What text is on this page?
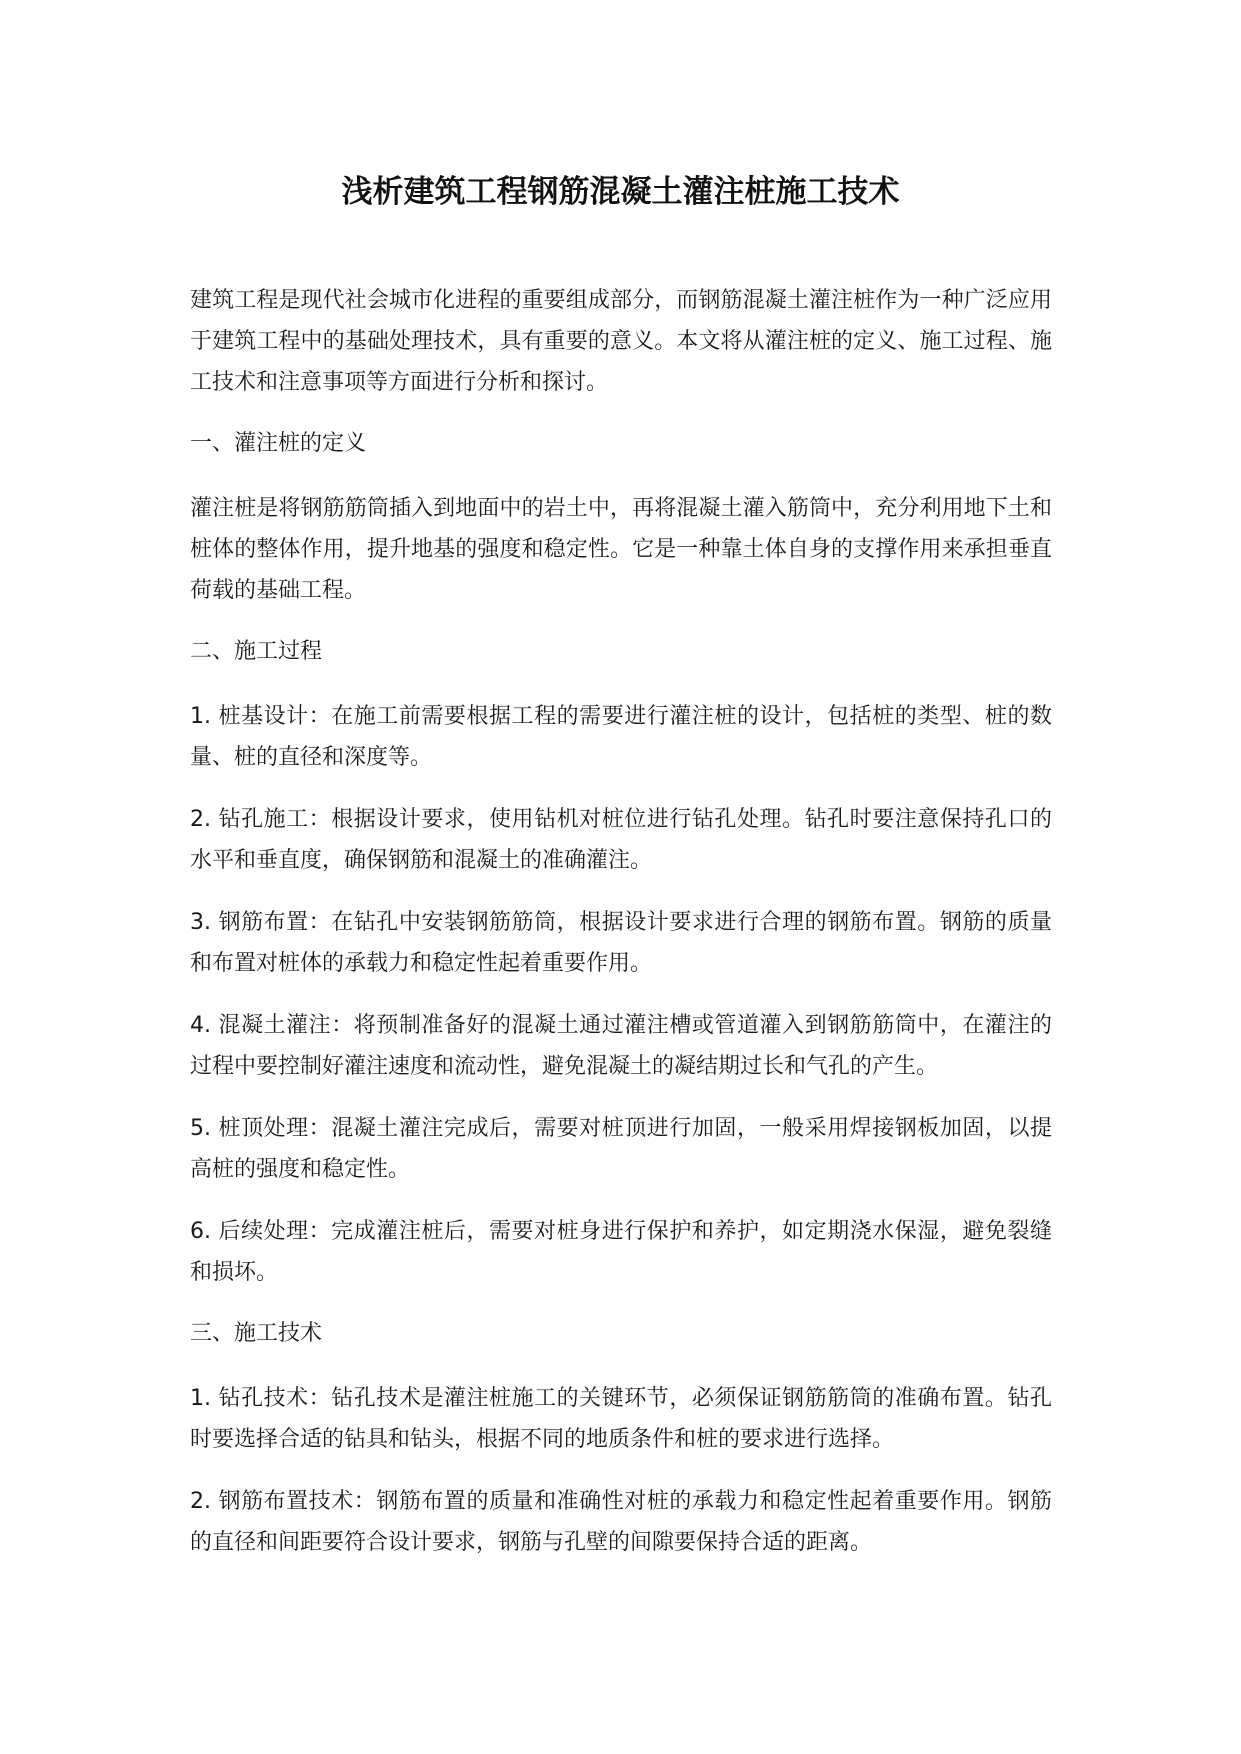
浅析建筑工程钢筋混凝土灌注桩施工技术

建筑工程是现代社会城市化进程的重要组成部分，而钢筋混凝土灌注桩作为一种广泛应用于建筑工程中的基础处理技术，具有重要的意义。本文将从灌注桩的定义、施工过程、施工技术和注意事项等方面进行分析和探讨。

一、灌注桩的定义

灌注桩是将钢筋筋筒插入到地面中的岩土中，再将混凝土灌入筋筒中，充分利用地下土和桩体的整体作用，提升地基的强度和稳定性。它是一种靠土体自身的支撑作用来承担垂直荷载的基础工程。

二、施工过程

1. 桩基设计：在施工前需要根据工程的需要进行灌注桩的设计，包括桩的类型、桩的数量、桩的直径和深度等。

2. 钻孔施工：根据设计要求，使用钻机对桩位进行钻孔处理。钻孔时要注意保持孔口的水平和垂直度，确保钢筋和混凝土的准确灌注。

3. 钢筋布置：在钻孔中安装钢筋筋筒，根据设计要求进行合理的钢筋布置。钢筋的质量和布置对桩体的承载力和稳定性起着重要作用。

4. 混凝土灌注：将预制准备好的混凝土通过灌注槽或管道灌入到钢筋筋筒中，在灌注的过程中要控制好灌注速度和流动性，避免混凝土的凝结期过长和气孔的产生。

5. 桩顶处理：混凝土灌注完成后，需要对桩顶进行加固，一般采用焊接钢板加固，以提高桩的强度和稳定性。

6. 后续处理：完成灌注桩后，需要对桩身进行保护和养护，如定期浇水保湿，避免裂缝和损坏。

三、施工技术

1. 钻孔技术：钻孔技术是灌注桩施工的关键环节，必须保证钢筋筋筒的准确布置。钻孔时要选择合适的钻具和钻头，根据不同的地质条件和桩的要求进行选择。

2. 钢筋布置技术：钢筋布置的质量和准确性对桩的承载力和稳定性起着重要作用。钢筋的直径和间距要符合设计要求，钢筋与孔壁的间隙要保持合适的距离。
